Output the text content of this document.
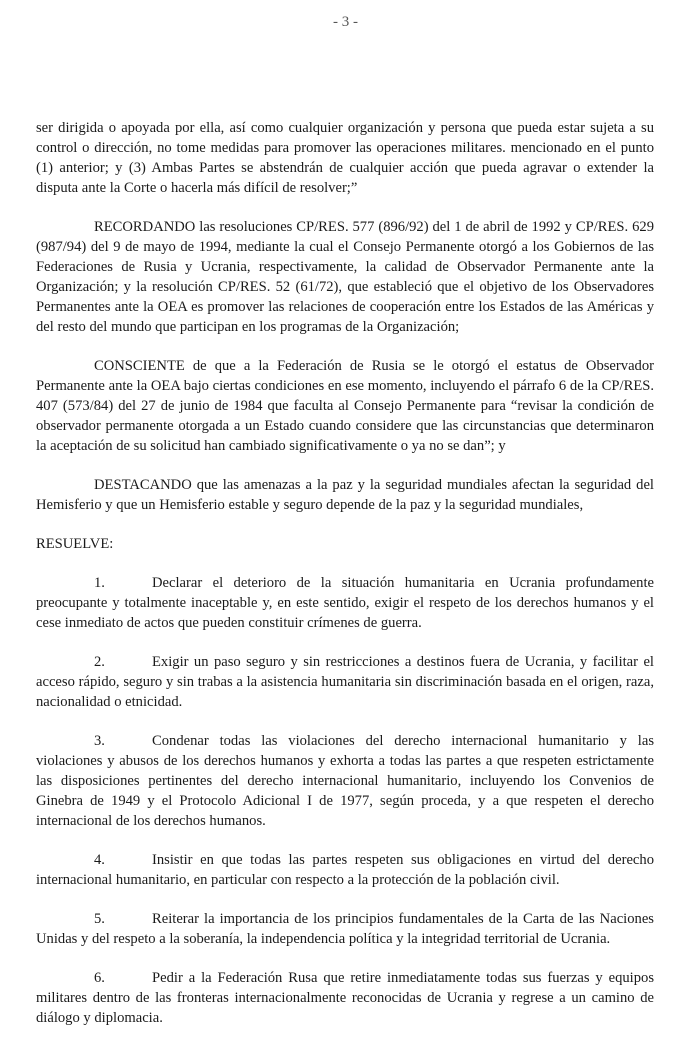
- 3 -

ser dirigida o apoyada por ella, así como cualquier organización y persona que pueda estar sujeta a su control o dirección, no tome medidas para promover las operaciones militares. mencionado en el punto (1) anterior; y (3) Ambas Partes se abstendrán de cualquier acción que pueda agravar o extender la disputa ante la Corte o hacerla más difícil de resolver;”

RECORDANDO las resoluciones CP/RES. 577 (896/92) del 1 de abril de 1992 y CP/RES. 629 (987/94) del 9 de mayo de 1994, mediante la cual el Consejo Permanente otorgó a los Gobiernos de las Federaciones de Rusia y Ucrania, respectivamente, la calidad de Observador Permanente ante la Organización; y la resolución CP/RES. 52 (61/72), que estableció que el objetivo de los Observadores Permanentes ante la OEA es promover las relaciones de cooperación entre los Estados de las Américas y del resto del mundo que participan en los programas de la Organización;

CONSCIENTE de que a la Federación de Rusia se le otorgó el estatus de Observador Permanente ante la OEA bajo ciertas condiciones en ese momento, incluyendo el párrafo 6 de la CP/RES. 407 (573/84) del 27 de junio de 1984 que faculta al Consejo Permanente para “revisar la condición de observador permanente otorgada a un Estado cuando considere que las circunstancias que determinaron la aceptación de su solicitud han cambiado significativamente o ya no se dan”; y

DESTACANDO que las amenazas a la paz y la seguridad mundiales afectan la seguridad del Hemisferio y que un Hemisferio estable y seguro depende de la paz y la seguridad mundiales,

RESUELVE:

1.	Declarar el deterioro de la situación humanitaria en Ucrania profundamente preocupante y totalmente inaceptable y, en este sentido, exigir el respeto de los derechos humanos y el cese inmediato de actos que pueden constituir crímenes de guerra.

2.	Exigir un paso seguro y sin restricciones a destinos fuera de Ucrania, y facilitar el acceso rápido, seguro y sin trabas a la asistencia humanitaria sin discriminación basada en el origen, raza, nacionalidad o etnicidad.

3.	Condenar todas las violaciones del derecho internacional humanitario y las violaciones y abusos de los derechos humanos y exhorta a todas las partes a que respeten estrictamente las disposiciones pertinentes del derecho internacional humanitario, incluyendo los Convenios de Ginebra de 1949 y el Protocolo Adicional I de 1977, según proceda, y a que respeten el derecho internacional de los derechos humanos.

4.	Insistir en que todas las partes respeten sus obligaciones en virtud del derecho internacional humanitario, en particular con respecto a la protección de la población civil.

5.	Reiterar la importancia de los principios fundamentales de la Carta de las Naciones Unidas y del respeto a la soberanía, la independencia política y la integridad territorial de Ucrania.

6.	Pedir a la Federación Rusa que retire inmediatamente todas sus fuerzas y equipos militares dentro de las fronteras internacionalmente reconocidas de Ucrania y regrese a un camino de diálogo y diplomacia.
